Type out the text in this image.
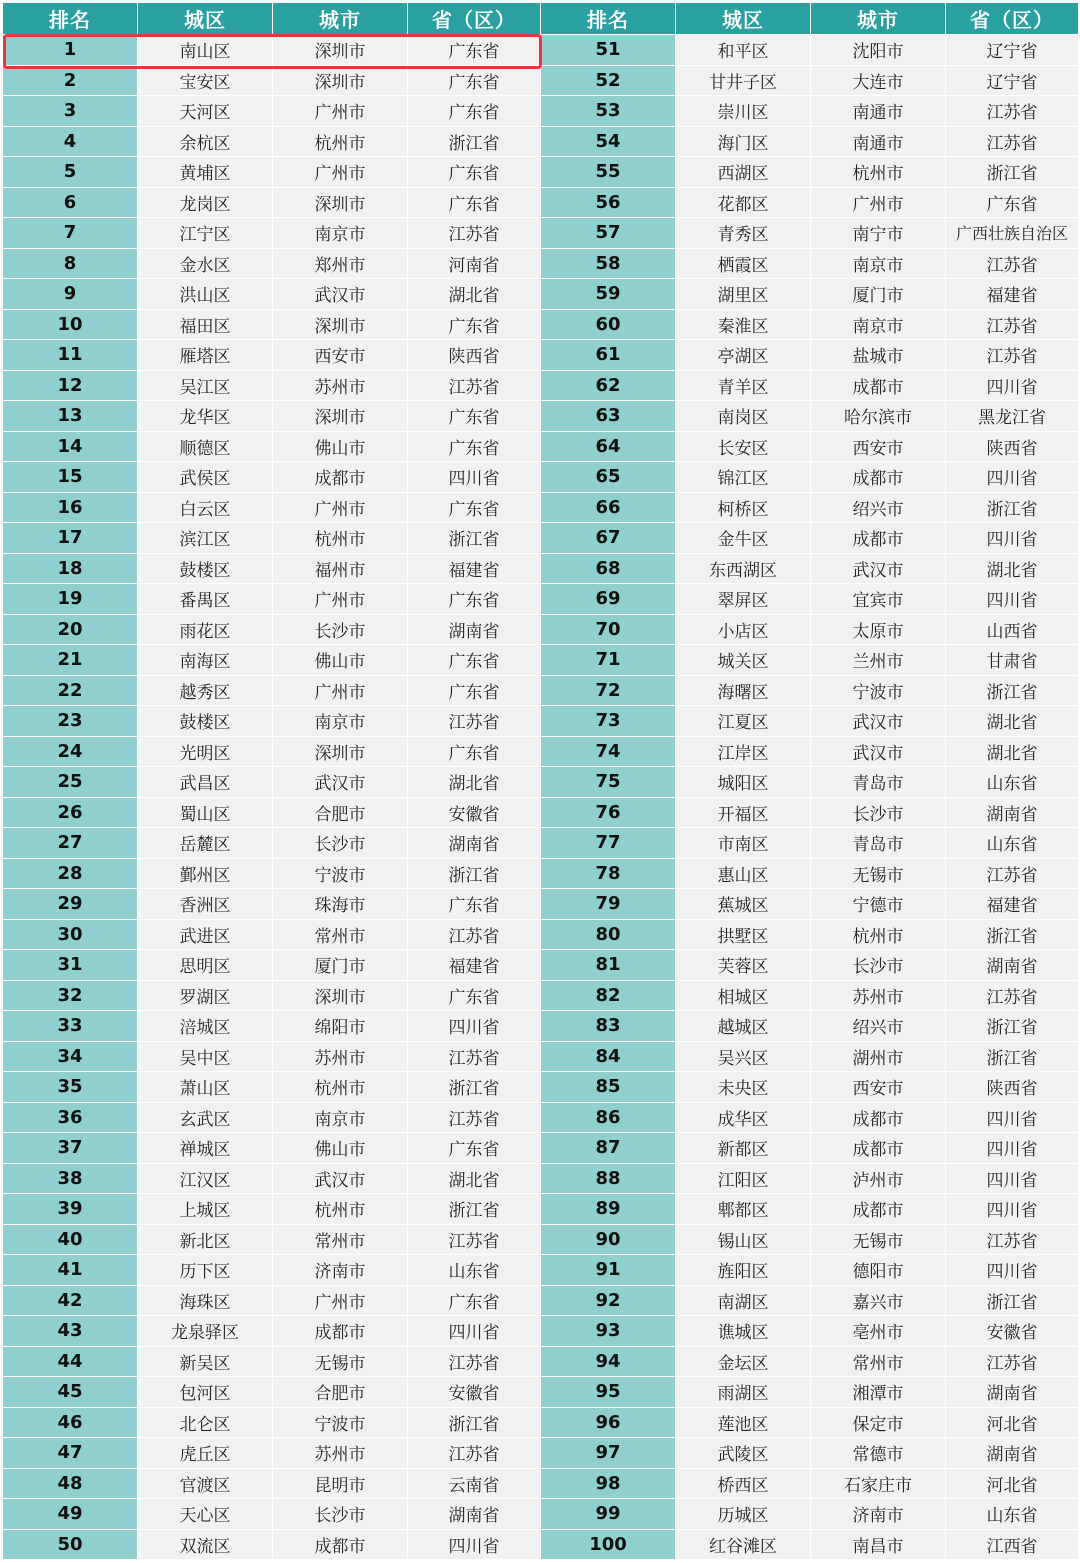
排名	城区	城市	省（区）
1	南山区	深圳市	广东省
2	宝安区	深圳市	广东省
3	天河区	广州市	广东省
4	余杭区	杭州市	浙江省
5	黄埔区	广州市	广东省
6	龙岗区	深圳市	广东省
7	江宁区	南京市	江苏省
8	金水区	郑州市	河南省
9	洪山区	武汉市	湖北省
10	福田区	深圳市	广东省
11	雁塔区	西安市	陕西省
12	吴江区	苏州市	江苏省
13	龙华区	深圳市	广东省
14	顺德区	佛山市	广东省
15	武侯区	成都市	四川省
16	白云区	广州市	广东省
17	滨江区	杭州市	浙江省
18	鼓楼区	福州市	福建省
19	番禺区	广州市	广东省
20	雨花区	长沙市	湖南省
21	南海区	佛山市	广东省
22	越秀区	广州市	广东省
23	鼓楼区	南京市	江苏省
24	光明区	深圳市	广东省
25	武昌区	武汉市	湖北省
26	蜀山区	合肥市	安徽省
27	岳麓区	长沙市	湖南省
28	鄞州区	宁波市	浙江省
29	香洲区	珠海市	广东省
30	武进区	常州市	江苏省
31	思明区	厦门市	福建省
32	罗湖区	深圳市	广东省
33	涪城区	绵阳市	四川省
34	吴中区	苏州市	江苏省
35	萧山区	杭州市	浙江省
36	玄武区	南京市	江苏省
37	禅城区	佛山市	广东省
38	江汉区	武汉市	湖北省
39	上城区	杭州市	浙江省
40	新北区	常州市	江苏省
41	历下区	济南市	山东省
42	海珠区	广州市	广东省
43	龙泉驿区	成都市	四川省
44	新吴区	无锡市	江苏省
45	包河区	合肥市	安徽省
46	北仑区	宁波市	浙江省
47	虎丘区	苏州市	江苏省
48	官渡区	昆明市	云南省
49	天心区	长沙市	湖南省
50	双流区	成都市	四川省
排名	城区	城市	省（区）
51	和平区	沈阳市	辽宁省
52	甘井子区	大连市	辽宁省
53	崇川区	南通市	江苏省
54	海门区	南通市	江苏省
55	西湖区	杭州市	浙江省
56	花都区	广州市	广东省
57	青秀区	南宁市	广西壮族自治区
58	栖霞区	南京市	江苏省
59	湖里区	厦门市	福建省
60	秦淮区	南京市	江苏省
61	亭湖区	盐城市	江苏省
62	青羊区	成都市	四川省
63	南岗区	哈尔滨市	黑龙江省
64	长安区	西安市	陕西省
65	锦江区	成都市	四川省
66	柯桥区	绍兴市	浙江省
67	金牛区	成都市	四川省
68	东西湖区	武汉市	湖北省
69	翠屏区	宜宾市	四川省
70	小店区	太原市	山西省
71	城关区	兰州市	甘肃省
72	海曙区	宁波市	浙江省
73	江夏区	武汉市	湖北省
74	江岸区	武汉市	湖北省
75	城阳区	青岛市	山东省
76	开福区	长沙市	湖南省
77	市南区	青岛市	山东省
78	惠山区	无锡市	江苏省
79	蕉城区	宁德市	福建省
80	拱墅区	杭州市	浙江省
81	芙蓉区	长沙市	湖南省
82	相城区	苏州市	江苏省
83	越城区	绍兴市	浙江省
84	吴兴区	湖州市	浙江省
85	未央区	西安市	陕西省
86	成华区	成都市	四川省
87	新都区	成都市	四川省
88	江阳区	泸州市	四川省
89	郫都区	成都市	四川省
90	锡山区	无锡市	江苏省
91	旌阳区	德阳市	四川省
92	南湖区	嘉兴市	浙江省
93	谯城区	亳州市	安徽省
94	金坛区	常州市	江苏省
95	雨湖区	湘潭市	湖南省
96	莲池区	保定市	河北省
97	武陵区	常德市	湖南省
98	桥西区	石家庄市	河北省
99	历城区	济南市	山东省
100	红谷滩区	南昌市	江西省
